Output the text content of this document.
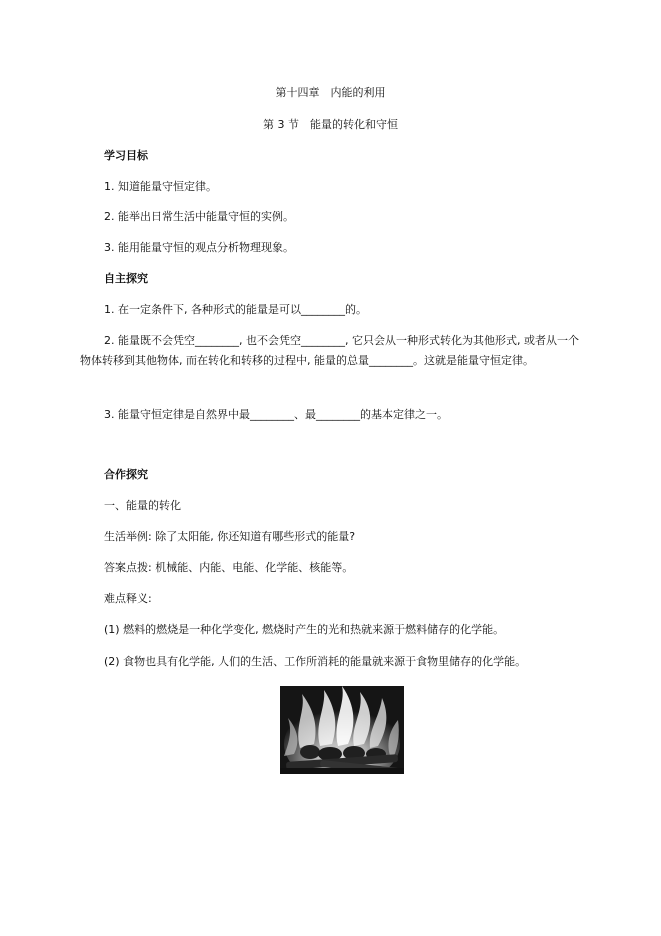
第十四章　内能的利用
第 3 节　能量的转化和守恒
学习目标
1. 知道能量守恒定律。
2. 能举出日常生活中能量守恒的实例。
3. 能用能量守恒的观点分析物理现象。
自主探究
1. 在一定条件下, 各种形式的能量是可以________的。
2. 能量既不会凭空________, 也不会凭空________, 它只会从一种形式转化为其他形式, 或者从一个物体转移到其他物体, 而在转化和转移的过程中, 能量的总量________。这就是能量守恒定律。
3. 能量守恒定律是自然界中最________、最________的基本定律之一。
合作探究
一、能量的转化
生活举例: 除了太阳能, 你还知道有哪些形式的能量?
答案点拨: 机械能、内能、电能、化学能、核能等。
难点释义:
(1) 燃料的燃烧是一种化学变化, 燃烧时产生的光和热就来源于燃料储存的化学能。
(2) 食物也具有化学能, 人们的生活、工作所消耗的能量就来源于食物里储存的化学能。
